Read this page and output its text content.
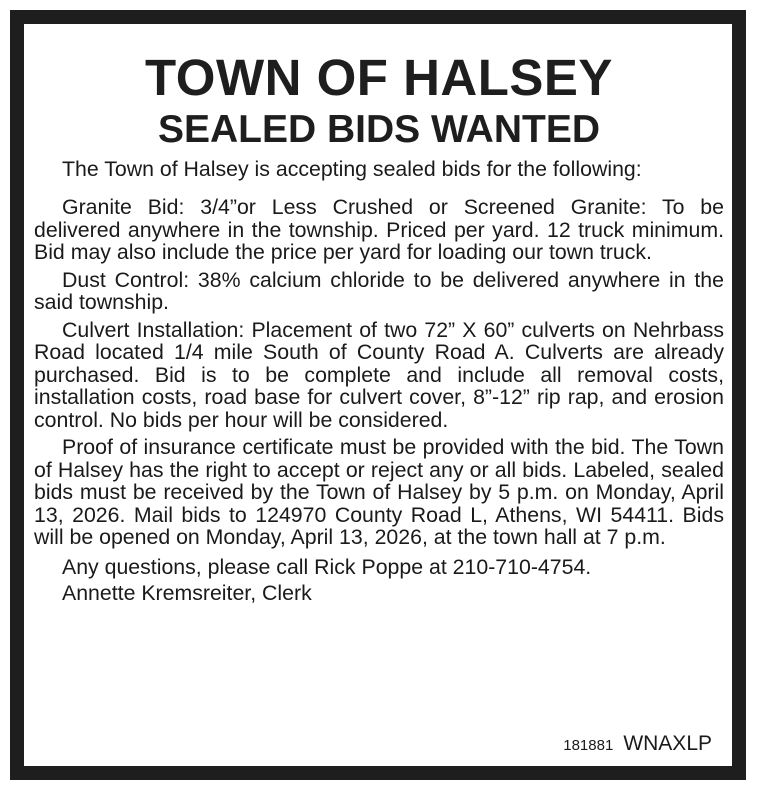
TOWN OF HALSEY
SEALED BIDS WANTED
The Town of Halsey is accepting sealed bids for the following:
Granite Bid: 3/4”or Less Crushed or Screened Granite: To be delivered anywhere in the township. Priced per yard. 12 truck minimum. Bid may also include the price per yard for loading our town truck.
Dust Control: 38% calcium chloride to be delivered anywhere in the said township.
Culvert Installation: Placement of two 72” X 60” culverts on Nehrbass Road located 1/4 mile South of County Road A. Culverts are already purchased. Bid is to be complete and include all removal costs, installation costs, road base for culvert cover, 8”-12” rip rap, and erosion control. No bids per hour will be considered.
Proof of insurance certificate must be provided with the bid. The Town of Halsey has the right to accept or reject any or all bids. Labeled, sealed bids must be received by the Town of Halsey by 5 p.m. on Monday, April 13, 2026. Mail bids to 124970 County Road L, Athens, WI 54411. Bids will be opened on Monday, April 13, 2026, at the town hall at 7 p.m.
Any questions, please call Rick Poppe at 210-710-4754.
Annette Kremsreiter, Clerk
181881 WNAXLP
